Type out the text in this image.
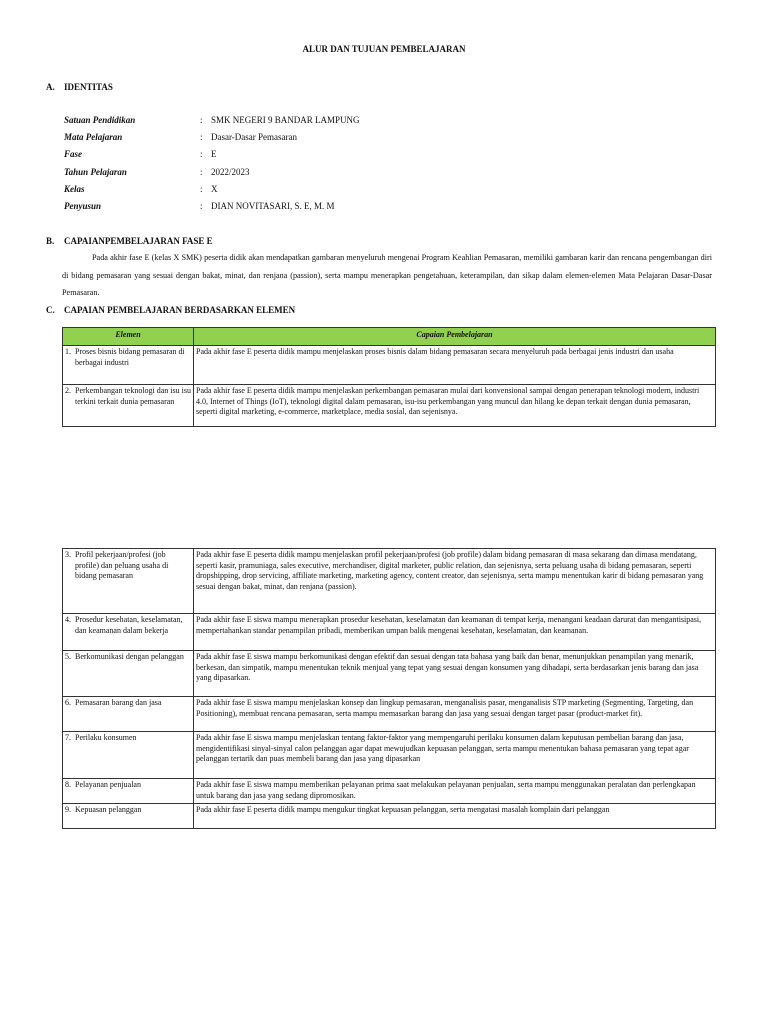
ALUR DAN TUJUAN PEMBELAJARAN
A. IDENTITAS
Satuan Pendidikan	: SMK NEGERI 9 BANDAR LAMPUNG
Mata Pelajaran	: Dasar-Dasar Pemasaran
Fase	: E
Tahun Pelajaran	: 2022/2023
Kelas	: X
Penyusun	: DIAN NOVITASARI, S. E, M. M
B. CAPAIANPEMBELAJARAN FASE E
Pada akhir fase E (kelas X SMK) peserta didik akan mendapatkan gambaran menyeluruh mengenai Program Keahlian Pemasaran, memiliki gambaran karir dan rencana pengembangan diri di bidang pemasaran yang sesuai dengan bakat, minat, dan renjana (passion), serta mampu menerapkan pengetahuan, keterampilan, dan sikap dalam elemen-elemen Mata Pelajaran Dasar-Dasar Pemasaran.
C. CAPAIAN PEMBELAJARAN BERDASARKAN ELEMEN
Elemen	Capaian Pembelajaran

1. Proses bisnis bidang pemasaran di berbagai industri	Pada akhir fase E peserta didik mampu menjelaskan proses bisnis dalam bidang pemasaran secara menyeluruh pada berbagai jenis industri dan usaha

2. Perkembangan teknologi dan isu isu terkini terkait dunia pemasaran	Pada akhir fase E peserta didik mampu menjelaskan perkembangan pemasaran mulai dari konvensional sampai dengan penerapan teknologi modern, industri 4.0, Internet of Things (IoT), teknologi digital dalam pemasaran, isu-isu perkembangan yang muncul dan hilang ke depan terkait dengan dunia pemasaran, seperti digital marketing, e-commerce, marketplace, media sosial, dan sejenisnya.
3. Profil pekerjaan/profesi (job profile) dan peluang usaha di bidang pemasaran	Pada akhir fase E peserta didik mampu menjelaskan profil pekerjaan/profesi (job profile) dalam bidang pemasaran di masa sekarang dan dimasa mendatang, seperti kasir, pramuniaga, sales executive, merchandiser, digital marketer, public relation, dan sejenisnya, serta peluang usaha di bidang pemasaran, seperti dropshipping, drop servicing, affiliate marketing, marketing agency, content creator, dan sejenisnya, serta mampu menentukan karir di bidang pemasaran yang sesuai dengan bakat, minat, dan renjana (passion).

4. Prosedur kesehatan, keselamatan, dan keamanan dalam bekerja	Pada akhir fase E siswa mampu menerapkan prosedur kesehatan, keselamatan dan keamanan di tempat kerja, menangani keadaan darurat dan mengantisipasi, mempertahankan standar penampilan pribadi, memberikan umpan balik mengenai kesehatan, keselamatan, dan keamanan.

5. Berkomunikasi dengan pelanggan	Pada akhir fase E siswa mampu berkomunikasi dengan efektif dan sesuai dengan tata bahasa yang baik dan benar, menunjukkan penampilan yang menarik, berkesan, dan simpatik, mampu menentukan teknik menjual yang tepat yang sesuai dengan konsumen yang dihadapi, serta berdasarkan jenis barang dan jasa yang dipasarkan.

6. Pemasaran barang dan jasa	Pada akhir fase E siswa mampu menjelaskan konsep dan lingkup pemasaran, menganalisis pasar, menganalisis STP marketing (Segmenting, Targeting, dan Positioning), membuat rencana pemasaran, serta mampu memasarkan barang dan jasa yang sesuai dengan target pasar (product-market fit).

7. Perilaku konsumen	Pada akhir fase E siswa mampu menjelaskan tentang faktor-faktor yang mempengaruhi perilaku konsumen dalam keputusan pembelian barang dan jasa, mengidentifikasi sinyal-sinyal calon pelanggan agar dapat mewujudkan kepuasan pelanggan, serta mampu menentukan bahasa pemasaran yang tepat agar pelanggan tertarik dan puas membeli barang dan jasa yang dipasarkan

8. Pelayanan penjualan	Pada akhir fase E siswa mampu memberikan pelayanan prima saat melakukan pelayanan penjualan, serta mampu menggunakan peralatan dan perlengkapan untuk barang dan jasa yang sedang dipromosikan.

9. Kepuasan pelanggan	Pada akhir fase E peserta didik mampu mengukur tingkat kepuasan pelanggan, serta mengatasi masalah komplain dari pelanggan
